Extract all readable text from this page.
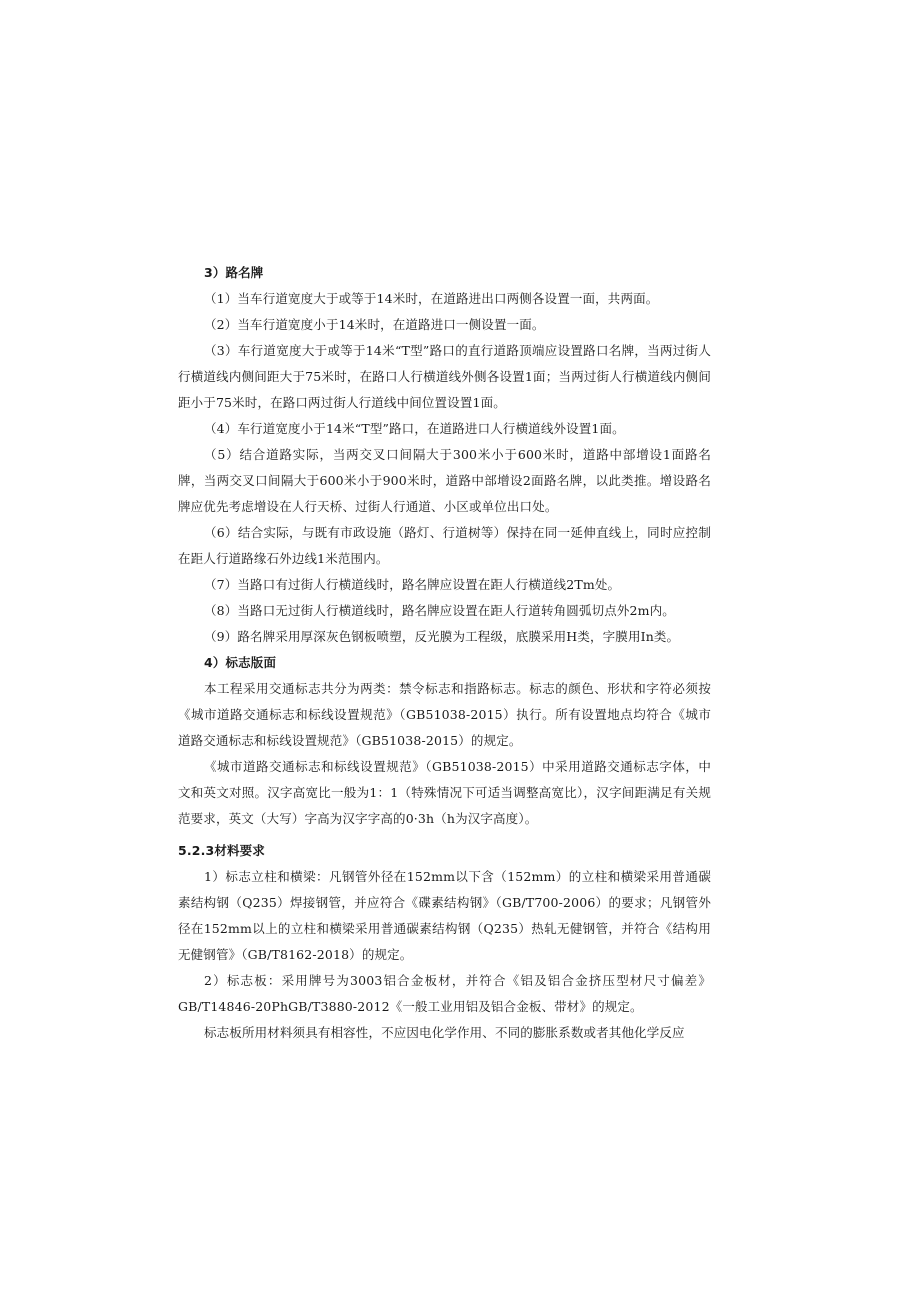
3）路名牌

（1）当车行道宽度大于或等于14米时，在道路进出口两侧各设置一面，共两面。

（2）当车行道宽度小于14米时，在道路进口一侧设置一面。

（3）车行道宽度大于或等于14米“T型”路口的直行道路顶端应设置路口名牌，当两过街人行横道线内侧间距大于75米时，在路口人行横道线外侧各设置1面；当两过街人行横道线内侧间距小于75米时，在路口两过街人行道线中间位置设置1面。

（4）车行道宽度小于14米“T型”路口，在道路进口人行横道线外设置1面。

（5）结合道路实际，当两交叉口间隔大于300米小于600米时，道路中部增设1面路名牌，当两交叉口间隔大于600米小于900米时，道路中部增设2面路名牌，以此类推。增设路名牌应优先考虑增设在人行天桥、过街人行通道、小区或单位出口处。

（6）结合实际，与既有市政设施（路灯、行道树等）保持在同一延伸直线上，同时应控制在距人行道路缘石外边线1米范围内。

（7）当路口有过街人行横道线时，路名牌应设置在距人行横道线2Tm处。

（8）当路口无过街人行横道线时，路名牌应设置在距人行道转角圆弧切点外2m内。

（9）路名牌采用厚深灰色钢板喷塑，反光膜为工程级，底膜采用H类，字膜用In类。

4）标志版面

本工程采用交通标志共分为两类：禁令标志和指路标志。标志的颜色、形状和字符必须按《城市道路交通标志和标线设置规范》（GB51038-2015）执行。所有设置地点均符合《城市道路交通标志和标线设置规范》（GB51038-2015）的规定。

《城市道路交通标志和标线设置规范》（GB51038-2015）中采用道路交通标志字体，中文和英文对照。汉字高宽比一般为1：1（特殊情况下可适当调整高宽比），汉字间距满足有关规范要求，英文（大写）字高为汉字字高的0·3h（h为汉字高度）。

5.2.3材料要求

1）标志立柱和横梁：凡钢管外径在152mm以下含（152mm）的立柱和横梁采用普通碳素结构钢（Q235）焊接钢管，并应符合《碟素结构钢》（GB/T700-2006）的要求；凡钢管外径在152mm以上的立柱和横梁采用普通碳素结构钢（Q235）热轧无健钢管，并符合《结构用无健钢管》（GB/T8162-2018）的规定。

2）标志板：采用牌号为3003铝合金板材，并符合《铝及铝合金挤压型材尺寸偏差》GB/T14846-20PhGB/T3880-2012《一般工业用铝及铝合金板、带材》的规定。

标志板所用材料须具有相容性，不应因电化学作用、不同的膨胀系数或者其他化学反应
